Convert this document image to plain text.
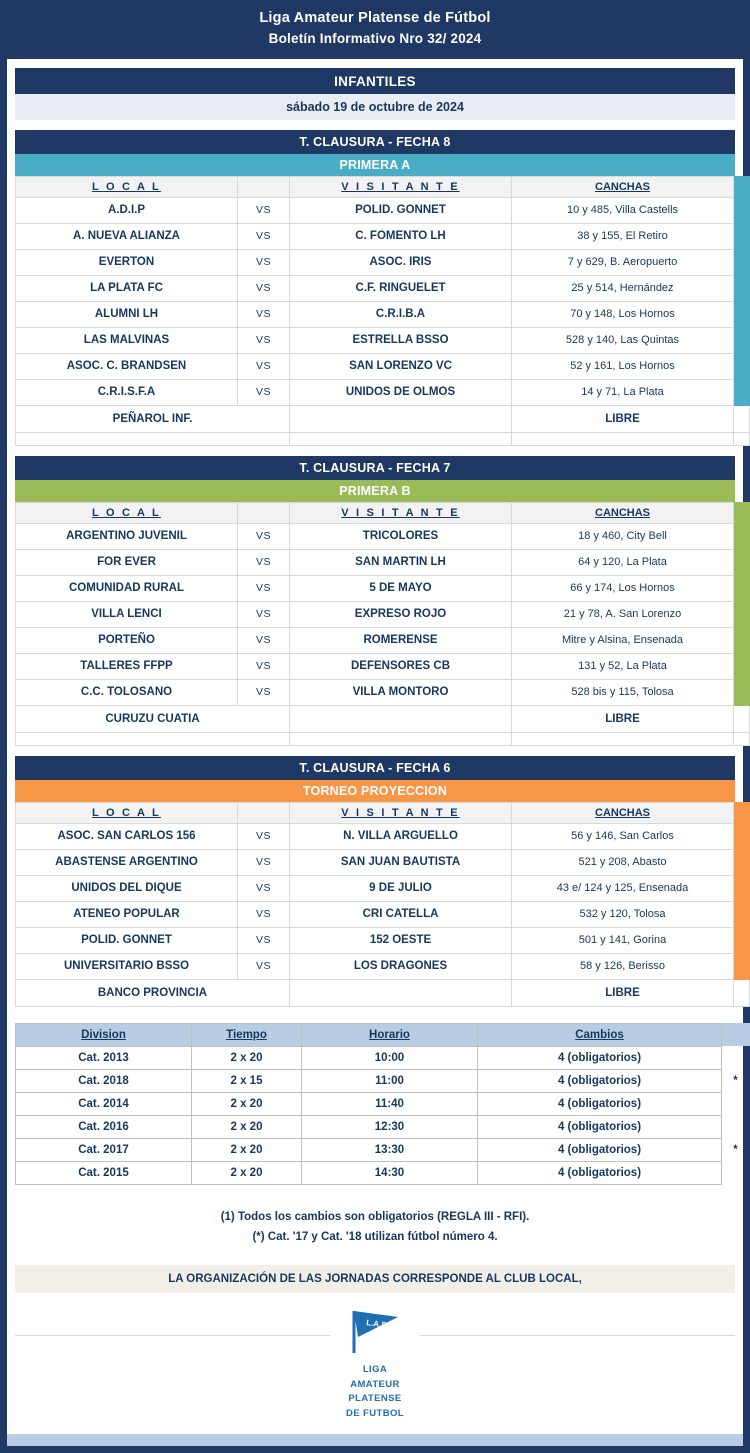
Liga Amateur Platense de Fútbol
Boletín Informativo Nro 32/ 2024
INFANTILES
sábado 19 de octubre de 2024
T. CLAUSURA - FECHA 8
PRIMERA A
L O C A L		V I S I T A N T E	CANCHAS	
A.D.I.P	VS	POLID. GONNET	10 y 485, Villa Castells	
A. NUEVA ALIANZA	VS	C. FOMENTO LH	38 y 155, El Retiro	
EVERTON	VS	ASOC. IRIS	7 y 629, B. Aeropuerto	
LA PLATA FC	VS	C.F. RINGUELET	25 y 514, Hernández	
ALUMNI LH	VS	C.R.I.B.A	70 y 148, Los Hornos	
LAS MALVINAS	VS	ESTRELLA BSSO	528 y 140, Las Quintas	
ASOC. C. BRANDSEN	VS	SAN LORENZO VC	52 y 161, Los Hornos	
C.R.I.S.F.A	VS	UNIDOS DE OLMOS	14 y 71, La Plata	
PEÑAROL INF.			LIBRE	

T. CLAUSURA - FECHA 7
PRIMERA B
L O C A L		V I S I T A N T E	CANCHAS	
ARGENTINO JUVENIL	VS	TRICOLORES	18 y 460, City Bell	
FOR EVER	VS	SAN MARTIN LH	64 y 120, La Plata	
COMUNIDAD RURAL	VS	5 DE MAYO	66 y 174, Los Hornos	
VILLA LENCI	VS	EXPRESO ROJO	21 y 78, A. San Lorenzo	
PORTEÑO	VS	ROMERENSE	Mitre y Alsina, Ensenada	
TALLERES FFPP	VS	DEFENSORES CB	131 y 52, La Plata	
C.C. TOLOSANO	VS	VILLA MONTORO	528 bis y 115, Tolosa	
CURUZU CUATIA			LIBRE	

T. CLAUSURA - FECHA 6
TORNEO PROYECCION
L O C A L		V I S I T A N T E	CANCHAS	
ASOC. SAN CARLOS 156	VS	N. VILLA ARGUELLO	56 y 146, San Carlos	
ABASTENSE ARGENTINO	VS	SAN JUAN BAUTISTA	521 y 208, Abasto	
UNIDOS DEL DIQUE	VS	9 DE JULIO	43 e/ 124 y 125, Ensenada	
ATENEO POPULAR	VS	CRI CATELLA	532 y 120, Tolosa	
POLID. GONNET	VS	152 OESTE	501 y 141, Gorina	
UNIVERSITARIO BSSO	VS	LOS DRAGONES	58 y 126, Berisso	
BANCO PROVINCIA			LIBRE	
Division	Tiempo	Horario	Cambios	
Cat. 2013	2 x 20	10:00	4 (obligatorios)	
Cat. 2018	2 x 15	11:00	4 (obligatorios)	*
Cat. 2014	2 x 20	11:40	4 (obligatorios)	
Cat. 2016	2 x 20	12:30	4 (obligatorios)	
Cat. 2017	2 x 20	13:30	4 (obligatorios)	*
Cat. 2015	2 x 20	14:30	4 (obligatorios)	
(1) Todos los cambios son obligatorios (REGLA III - RFI).
(*) Cat. '17 y Cat. '18 utilizan fútbol número 4.
LA ORGANIZACIÓN DE LAS JORNADAS CORRESPONDE AL CLUB LOCAL,
L.A.P.
LIGA
AMATEUR
PLATENSE
DE FUTBOL
